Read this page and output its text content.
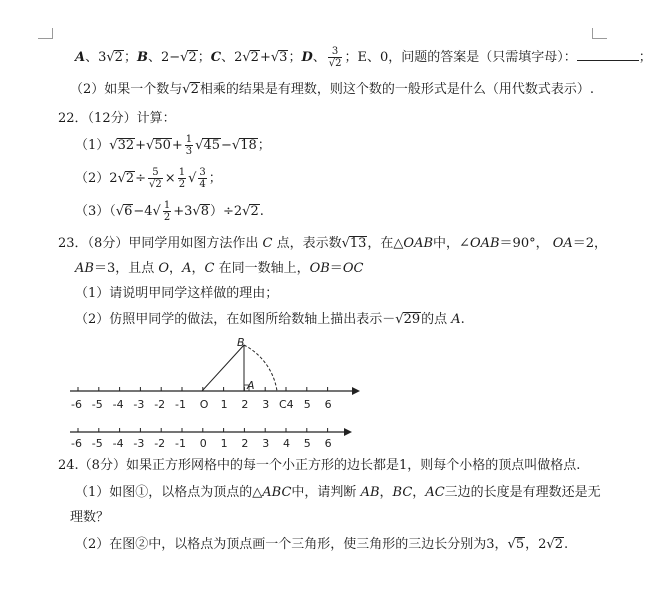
A、3√2；B、2−√2；C、2√2+√3；D、 $\frac{3}{√2}$ ；E、0，问题的答案是（只需填字母）：	；
（2）如果一个数与√2相乘的结果是有理数，则这个数的一般形式是什么（用代数式表示）.
22．（12分）计算：
$(1)√32+√50+ \frac{1}{3} √45-√18$；
$(2)2√2\div \frac{5}{√2} \times \frac{1}{2}$ √ $\frac{3}{4}$ ；
$(3)(√6-4√ \frac{1}{2} +3√8)\div 2√2$.
23．（8分）甲同学用如图方法作出 C 点，表示数√13，在△OAB中，∠OAB＝90°， OA＝2，
AB＝3，且点 O，A，C 在同一数轴上，OB＝OC
（1）请说明甲同学这样做的理由；
（2）仿照甲同学的做法，在如图所给数轴上描出表示－√29的点 A.
-6 -5 -4 -3 -2 -1 O 1 2 3 C4 5 6
B
A
-6 -5 -4 -3 -2 -1 0 1 2 3 4 5 6
24.（8分）如果正方形网格中的每一个小正方形的边长都是1，则每个小格的顶点叫做格点.
（1）如图①，以格点为顶点的△ABC中，请判断 AB，BC，AC三边的长度是有理数还是无
理数？
（2）在图②中，以格点为顶点画一个三角形，使三角形的三边长分别为3，√5，2√2.
